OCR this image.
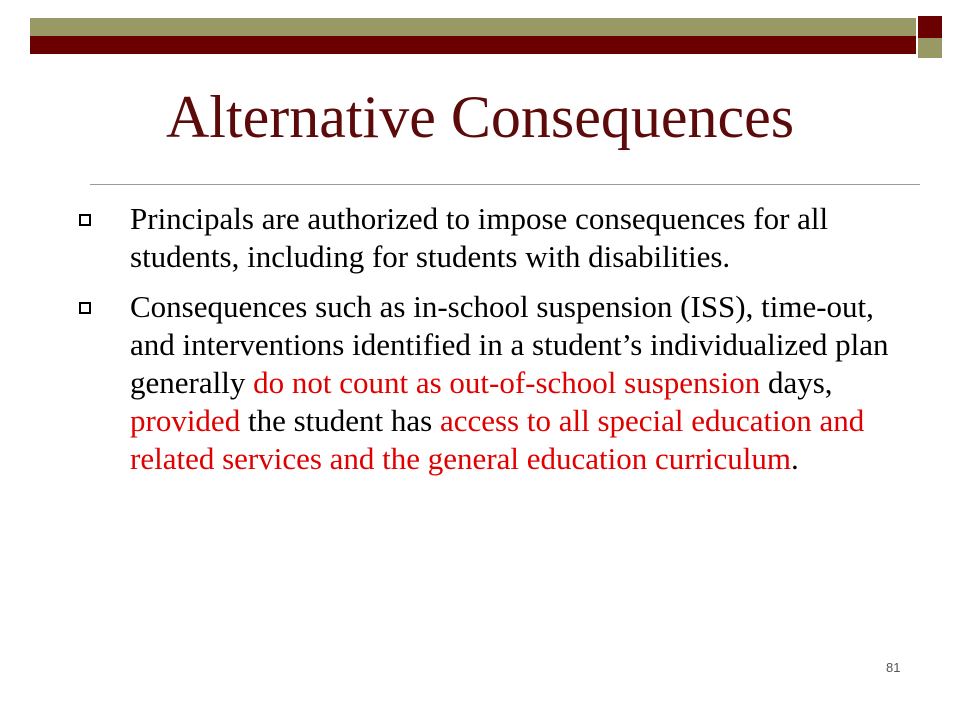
Alternative Consequences
Principals are authorized to impose consequences for all students, including for students with disabilities.
Consequences such as in-school suspension (ISS), time-out, and interventions identified in a student’s individualized plan generally do not count as out-of-school suspension days, provided the student has access to all special education and related services and the general education curriculum.
81
